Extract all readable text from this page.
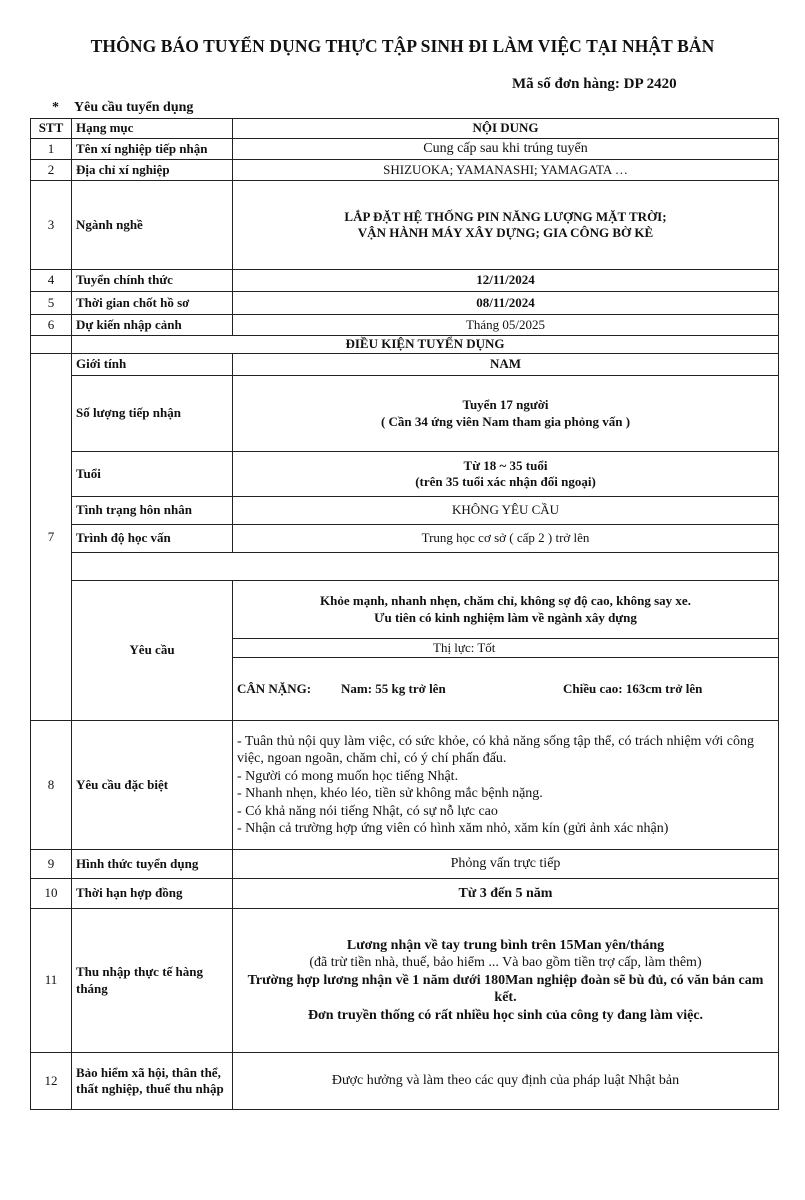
THÔNG BÁO TUYỂN DỤNG THỰC TẬP SINH ĐI LÀM VIỆC TẠI NHẬT BẢN
Mã số đơn hàng: DP 2420
* Yêu cầu tuyển dụng
STT	Hạng mục	NỘI DUNG
1	Tên xí nghiệp tiếp nhận	Cung cấp sau khi trúng tuyển
2	Địa chỉ xí nghiệp	SHIZUOKA; YAMANASHI; YAMAGATA …
3	Ngành nghề	LẮP ĐẶT HỆ THỐNG PIN NĂNG LƯỢNG MẶT TRỜI;
VẬN HÀNH MÁY XÂY DỰNG; GIA CÔNG BỜ KÈ

4	Tuyển chính thức	12/11/2024
5	Thời gian chốt hồ sơ	08/11/2024
6	Dự kiến nhập cảnh	Tháng 05/2025
	ĐIỀU KIỆN TUYỂN DỤNG	
7	Giới tính	NAM
	Số lượng tiếp nhận	Tuyển 17 người
( Cần 34 ứng viên Nam tham gia phỏng vấn )

	Tuổi	Từ 18 ~ 35 tuổi
(trên 35 tuổi xác nhận đối ngoại)

	Tình trạng hôn nhân	KHÔNG YÊU CẦU
	Trình độ học vấn	Trung học cơ sở ( cấp 2 ) trở lên

	Yêu cầu	Khỏe mạnh, nhanh nhẹn, chăm chỉ, không sợ độ cao, không say xe.
Ưu tiên có kinh nghiệm làm về ngành xây dựng

		Thị lực: Tốt
		CÂN NẶNG: Nam: 55 kg trở lên Chiều cao: 163cm trở lên
8	Yêu cầu đặc biệt	- Tuân thủ nội quy làm việc, có sức khỏe, có khả năng sống tập thể, có trách nhiệm với công việc, ngoan ngoãn, chăm chỉ, có ý chí phấn đấu.
- Người có mong muốn học tiếng Nhật.
- Nhanh nhẹn, khéo léo, tiền sử không mắc bệnh nặng.
- Có khả năng nói tiếng Nhật, có sự nỗ lực cao
- Nhận cả trường hợp ứng viên có hình xăm nhỏ, xăm kín (gửi ảnh xác nhận)

9	Hình thức tuyển dụng	Phỏng vấn trực tiếp
10	Thời hạn hợp đồng	Từ 3 đến 5 năm
11	Thu nhập thực tế hàng tháng	Lương nhận về tay trung bình trên 15Man yên/tháng
(đã trừ tiền nhà, thuế, bảo hiểm ... Và bao gồm tiền trợ cấp, làm thêm)
Trường hợp lương nhận về 1 năm dưới 180Man nghiệp đoàn sẽ bù đủ, có văn bản cam kết.
Đơn truyền thống có rất nhiều học sinh của công ty đang làm việc.

12	Bảo hiểm xã hội, thân thể, thất nghiệp, thuế thu nhập	Được hưởng và làm theo các quy định của pháp luật Nhật bản
